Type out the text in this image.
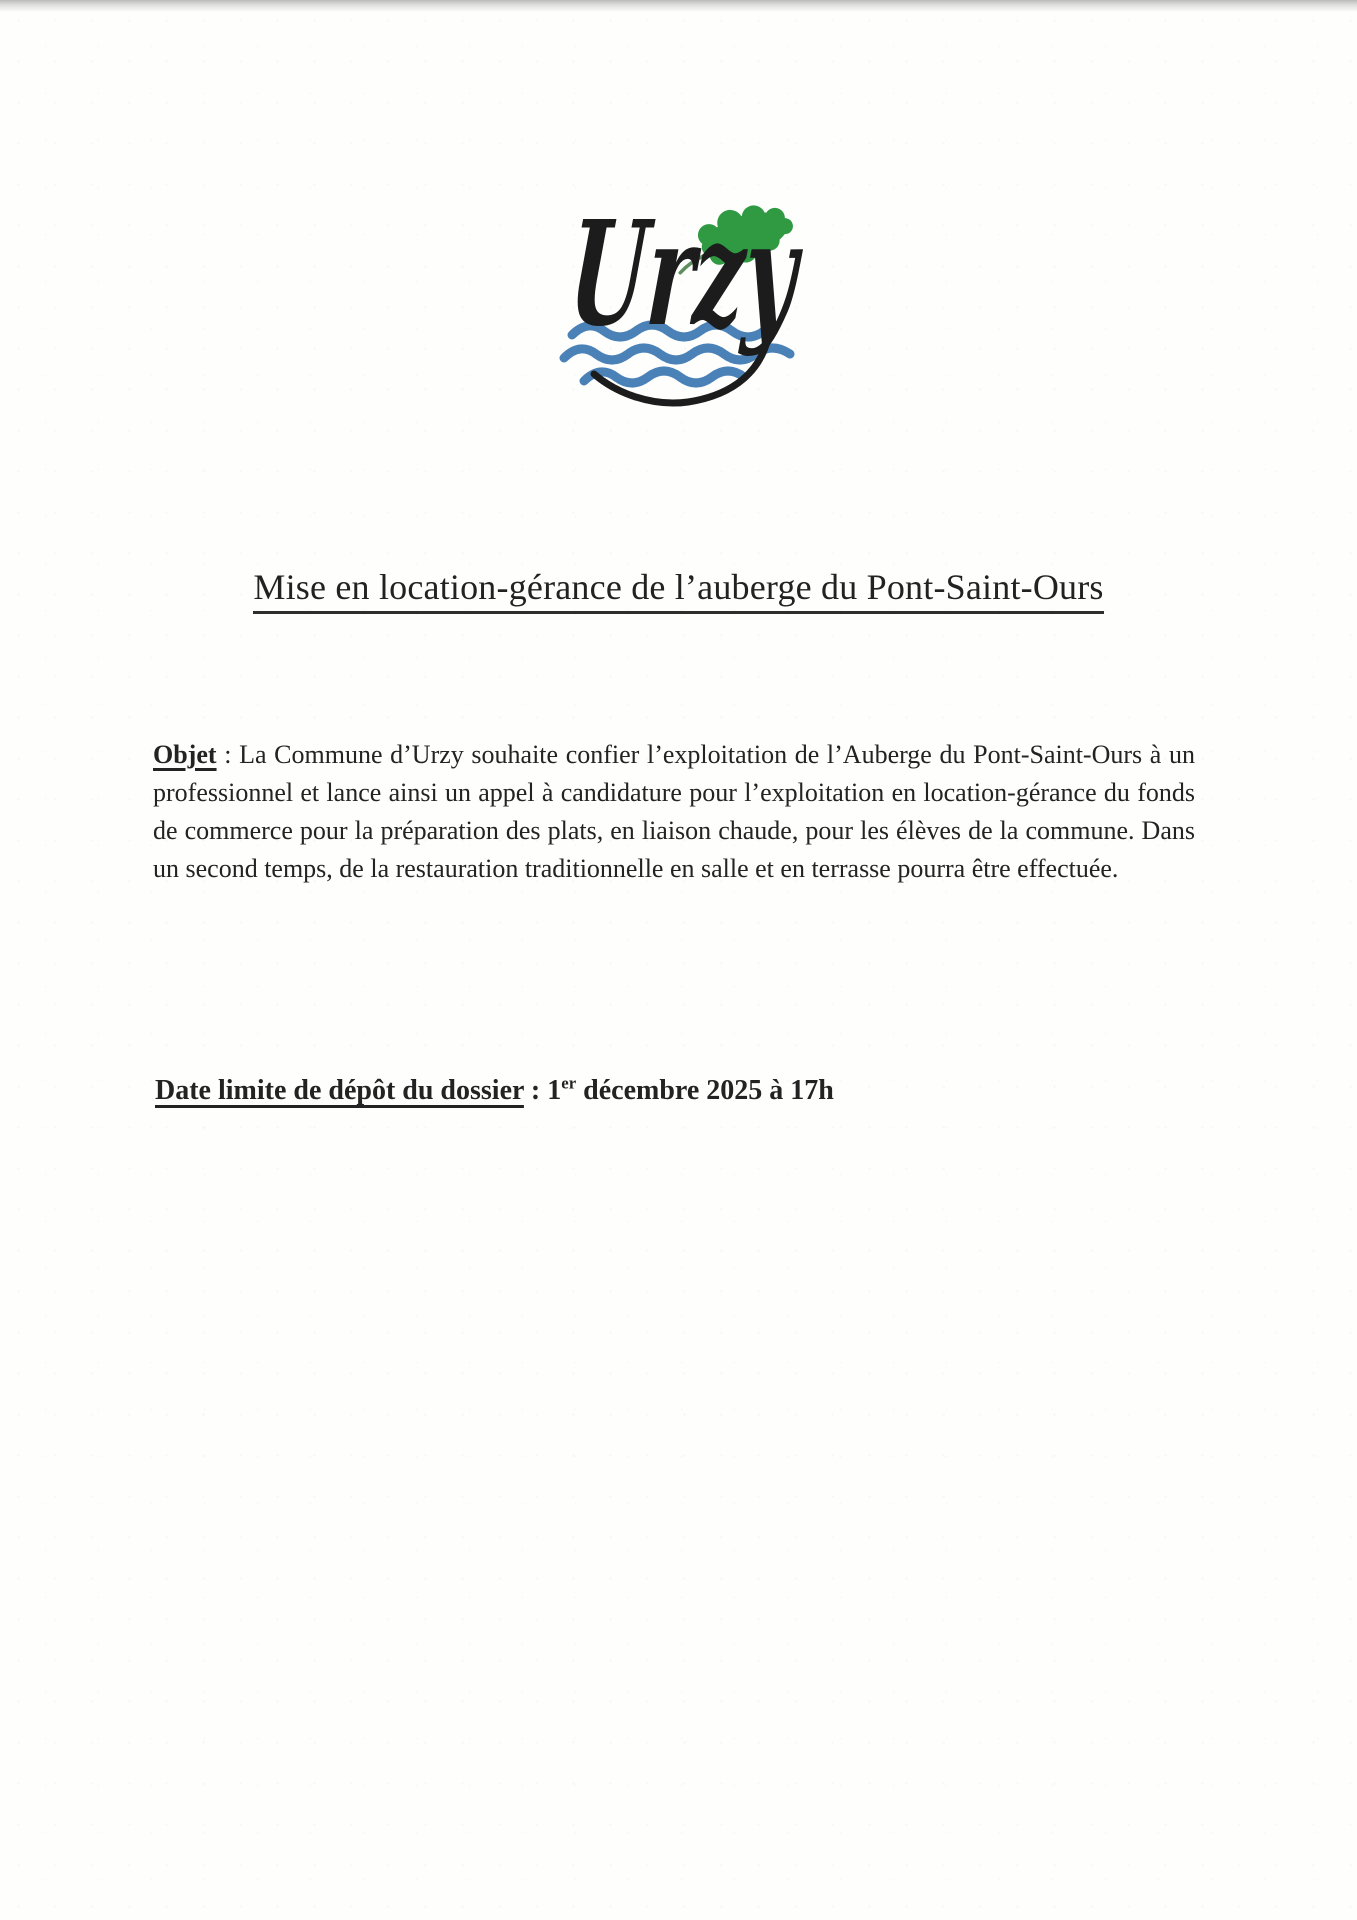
Urzy
Mise en location-gérance de l’auberge du Pont-Saint-Ours

Objet : La Commune d’Urzy souhaite confier l’exploitation de l’Auberge du Pont-Saint-Ours à un professionnel et lance ainsi un appel à candidature pour l’exploitation en location-gérance du fonds de commerce pour la préparation des plats, en liaison chaude, pour les élèves de la commune. Dans un second temps, de la restauration traditionnelle en salle et en terrasse pourra être effectuée.

Date limite de dépôt du dossier : 1er décembre 2025 à 17h
